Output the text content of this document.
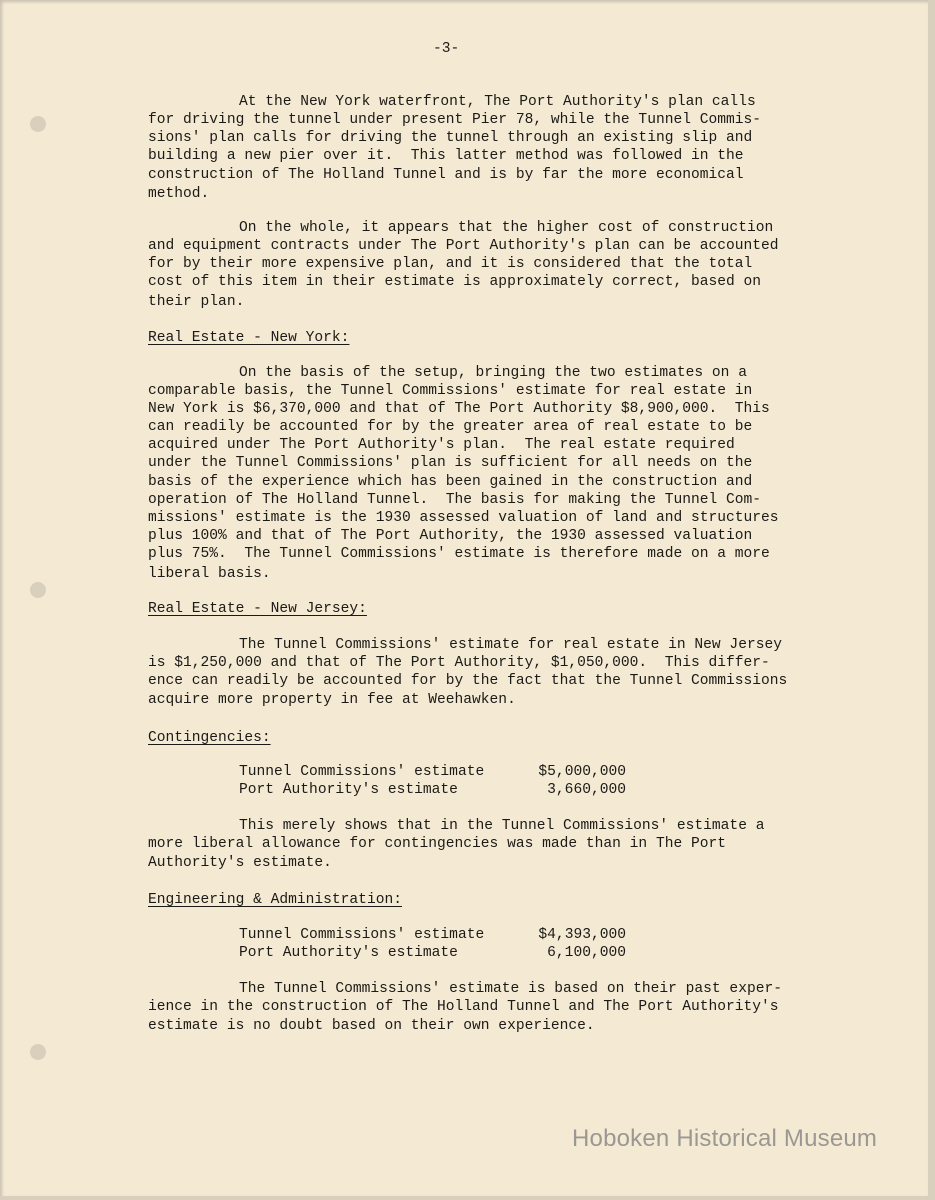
-3-

At the New York waterfront, The Port Authority's plan calls

for driving the tunnel under present Pier 78, while the Tunnel Commis-

sions' plan calls for driving the tunnel through an existing slip and

building a new pier over it.  This latter method was followed in the

construction of The Holland Tunnel and is by far the more economical

method.

On the whole, it appears that the higher cost of construction

and equipment contracts under The Port Authority's plan can be accounted

for by their more expensive plan, and it is considered that the total

cost of this item in their estimate is approximately correct, based on

their plan.

Real Estate - New York:

On the basis of the setup, bringing the two estimates on a

comparable basis, the Tunnel Commissions' estimate for real estate in

New York is $6,370,000 and that of The Port Authority $8,900,000.  This

can readily be accounted for by the greater area of real estate to be

acquired under The Port Authority's plan.  The real estate required

under the Tunnel Commissions' plan is sufficient for all needs on the

basis of the experience which has been gained in the construction and

operation of The Holland Tunnel.  The basis for making the Tunnel Com-

missions' estimate is the 1930 assessed valuation of land and structures

plus 100% and that of The Port Authority, the 1930 assessed valuation

plus 75%.  The Tunnel Commissions' estimate is therefore made on a more

liberal basis.

Real Estate - New Jersey:

The Tunnel Commissions' estimate for real estate in New Jersey

is $1,250,000 and that of The Port Authority, $1,050,000.  This differ-

ence can readily be accounted for by the fact that the Tunnel Commissions

acquire more property in fee at Weehawken.

Contingencies:

Tunnel Commissions' estimate	$5,000,000

Port Authority's estimate	3,660,000

This merely shows that in the Tunnel Commissions' estimate a

more liberal allowance for contingencies was made than in The Port

Authority's estimate.

Engineering & Administration:

Tunnel Commissions' estimate	$4,393,000

Port Authority's estimate	6,100,000

The Tunnel Commissions' estimate is based on their past exper-

ience in the construction of The Holland Tunnel and The Port Authority's

estimate is no doubt based on their own experience.

Hoboken Historical Museum
